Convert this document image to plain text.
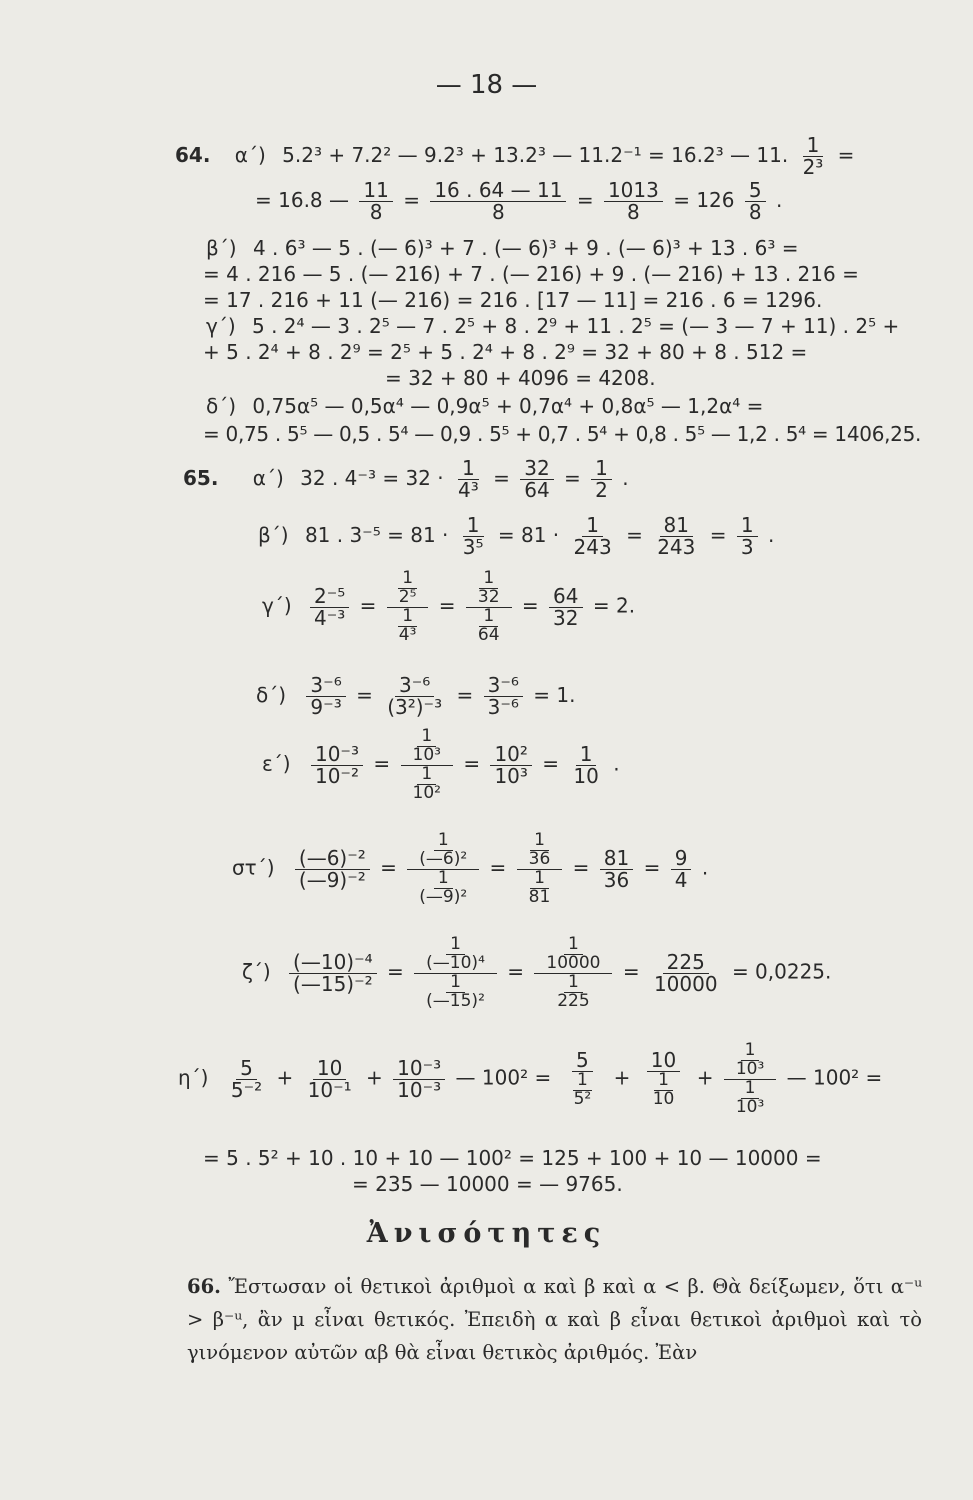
— 18 —
64. α΄) 5.2³ + 7.2² — 9.2³ + 13.2³ — 11.2⁻¹ = 16.2³ — 11. $\frac{1}{\text{2³}}$ =
= 16.8 — $\frac{11}{8} = \frac{16 . 64 — 11}{8} = \frac{1013}{8} = 126 \frac{5}{8}$ .
β΄) 4 . 6³ — 5 . (— 6)³ + 7 . (— 6)³ + 9 . (— 6)³ + 13 . 6³ =
= 4 . 216 — 5 . (— 216) + 7 . (— 216) + 9 . (— 216) + 13 . 216 =
= 17 . 216 + 11 (— 216) = 216 . [17 — 11] = 216 . 6 = 1296.
γ΄) 5 . 2⁴ — 3 . 2⁵ — 7 . 2⁵ + 8 . 2⁹ + 11 . 2⁵ = (— 3 — 7 + 11) . 2⁵ +
+ 5 . 2⁴ + 8 . 2⁹ = 2⁵ + 5 . 2⁴ + 8 . 2⁹ = 32 + 80 + 8 . 512 =
= 32 + 80 + 4096 = 4208.
δ΄) 0,75α⁵ — 0,5α⁴ — 0,9α⁵ + 0,7α⁴ + 0,8α⁵ — 1,2α⁴ =
= 0,75 . 5⁵ — 0,5 . 5⁴ — 0,9 . 5⁵ + 0,7 . 5⁴ + 0,8 . 5⁵ — 1,2 . 5⁴ = 1406,25.
65. α΄) 32 . $4^{-3} = 32 \cdot \frac{1}{\text{4³}} = \frac{32}{64} = \frac{1}{2}$ .
β΄) 81 . $3^{-5} = 81 \cdot \frac{1}{\text{3⁵}} = 81 \cdot \frac{1}{243} = \frac{81}{243} = \frac{1}{3}$ .
$\gamma΄) \frac{\text{2⁻⁵}}{\text{4⁻³}} = \frac{\frac{1}{\text{2⁵}}}{\frac{1}{\text{4³}}} = \frac{\frac{1}{32}}{\frac{1}{64}} = \frac{64}{32} = 2$.
$\delta΄) \frac{\text{3⁻⁶}}{\text{9⁻³}} = \frac{\text{3⁻⁶}}{\text{(3²)⁻³}} = \frac{\text{3⁻⁶}}{\text{3⁻⁶}} = 1$.
$\varepsilon΄) \frac{\text{10⁻³}}{\text{10⁻²}} = \frac{\frac{1}{\text{10³}}}{\frac{1}{\text{10²}}} = \frac{\text{10²}}{\text{10³}} = \frac{1}{10}$ .
$\sigma\tau΄) \frac{\text{(—6)⁻²}}{\text{(—9)⁻²}} = \frac{\frac{1}{\text{(—6)²}}}{\frac{1}{\text{(—9)²}}} = \frac{\frac{1}{36}}{\frac{1}{81}} = \frac{81}{36} = \frac{9}{4}$ .
$\zeta΄) \frac{\text{(—10)⁻⁴}}{\text{(—15)⁻²}} = \frac{\frac{1}{\text{(—10)⁴}}}{\frac{1}{\text{(—15)²}}} = \frac{\frac{1}{10000}}{\frac{1}{225}} = \frac{225}{10000} = 0,0225$.
$\eta΄) \frac{5}{\text{5⁻²}} + \frac{10}{\text{10⁻¹}} + \frac{\text{10⁻³}}{\text{10⁻³}}$ — $100^2 = \frac{5}{\frac{1}{\text{5²}}} + \frac{10}{\frac{1}{10}} + \frac{\frac{1}{\text{10³}}}{\frac{1}{\text{10³}}}$ — 100² =
= 5 . 5² + 10 . 10 + 10 — 100² = 125 + 100 + 10 — 10000 =
= 235 — 10000 = — 9765.
Ἀνισότητες
66. Ἔστωσαν οἱ θετικοὶ ἀριθμοὶ α καὶ β καὶ α < β. Θὰ δείξωμεν, ὅτι α⁻ᵘ > β⁻ᵘ, ἂν μ εἶναι θετικός. Ἐπειδὴ α καὶ β εἶναι θετικοὶ ἀριθμοὶ καὶ τὸ γινόμενον αὐτῶν αβ θὰ εἶναι θετικὸς ἀριθμός. Ἐὰν
